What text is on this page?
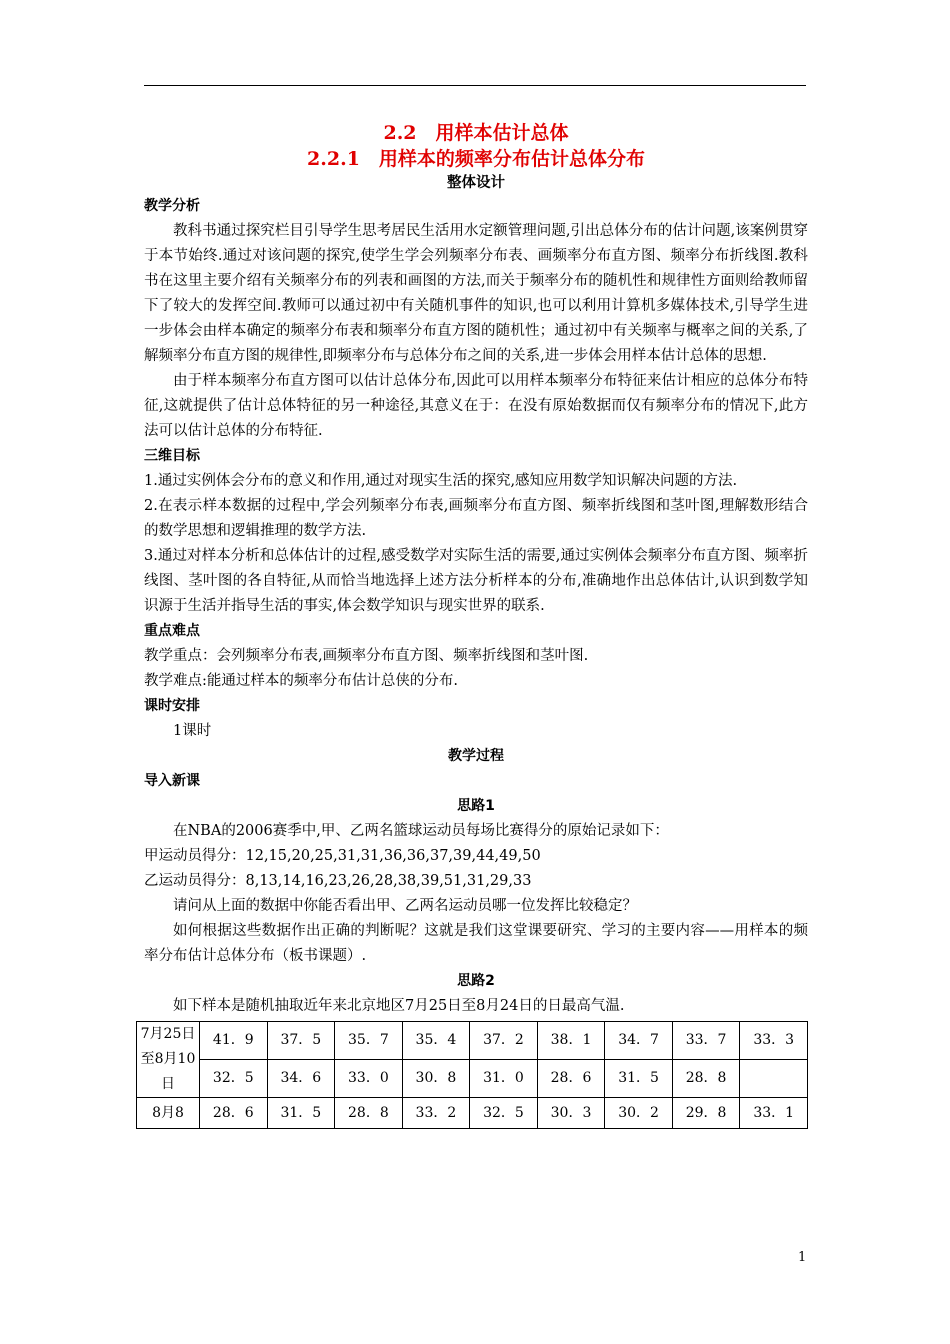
2.2　用样本估计总体

2.2.1　用样本的频率分布估计总体分布

整体设计

教学分析

教科书通过探究栏目引导学生思考居民生活用水定额管理问题,引出总体分布的估计问题,该案例贯穿于本节始终.通过对该问题的探究,使学生学会列频率分布表、画频率分布直方图、频率分布折线图.教科书在这里主要介绍有关频率分布的列表和画图的方法,而关于频率分布的随机性和规律性方面则给教师留下了较大的发挥空间.教师可以通过初中有关随机事件的知识,也可以利用计算机多媒体技术,引导学生进一步体会由样本确定的频率分布表和频率分布直方图的随机性；通过初中有关频率与概率之间的关系,了解频率分布直方图的规律性,即频率分布与总体分布之间的关系,进一步体会用样本估计总体的思想.

由于样本频率分布直方图可以估计总体分布,因此可以用样本频率分布特征来估计相应的总体分布特征,这就提供了估计总体特征的另一种途径,其意义在于：在没有原始数据而仅有频率分布的情况下,此方法可以估计总体的分布特征.

三维目标

1.通过实例体会分布的意义和作用,通过对现实生活的探究,感知应用数学知识解决问题的方法.

2.在表示样本数据的过程中,学会列频率分布表,画频率分布直方图、频率折线图和茎叶图,理解数形结合的数学思想和逻辑推理的数学方法.

3.通过对样本分析和总体估计的过程,感受数学对实际生活的需要,通过实例体会频率分布直方图、频率折线图、茎叶图的各自特征,从而恰当地选择上述方法分析样本的分布,准确地作出总体估计,认识到数学知识源于生活并指导生活的事实,体会数学知识与现实世界的联系.

重点难点

教学重点：会列频率分布表,画频率分布直方图、频率折线图和茎叶图.

教学难点:能通过样本的频率分布估计总侠的分布.

课时安排

1课时

教学过程

导入新课

思路1

在NBA的2006赛季中,甲、乙两名篮球运动员每场比赛得分的原始记录如下：

甲运动员得分：12,15,20,25,31,31,36,36,37,39,44,49,50

乙运动员得分：8,13,14,16,23,26,28,38,39,51,31,29,33

请问从上面的数据中你能否看出甲、乙两名运动员哪一位发挥比较稳定？

如何根据这些数据作出正确的判断呢？这就是我们这堂课要研究、学习的主要内容——用样本的频率分布估计总体分布（板书课题）.

思路2

如下样本是随机抽取近年来北京地区7月25日至8月24日的日最高气温.

7月25日至8月10日	41．9	37．5	35．7	35．4	37．2	38．1	34．7	33．7	33．3
	32．5	34．6	33．0	30．8	31．0	28．6	31．5	28．8	
8月8	28．6	31．5	28．8	33．2	32．5	30．3	30．2	29．8	33．1
1
